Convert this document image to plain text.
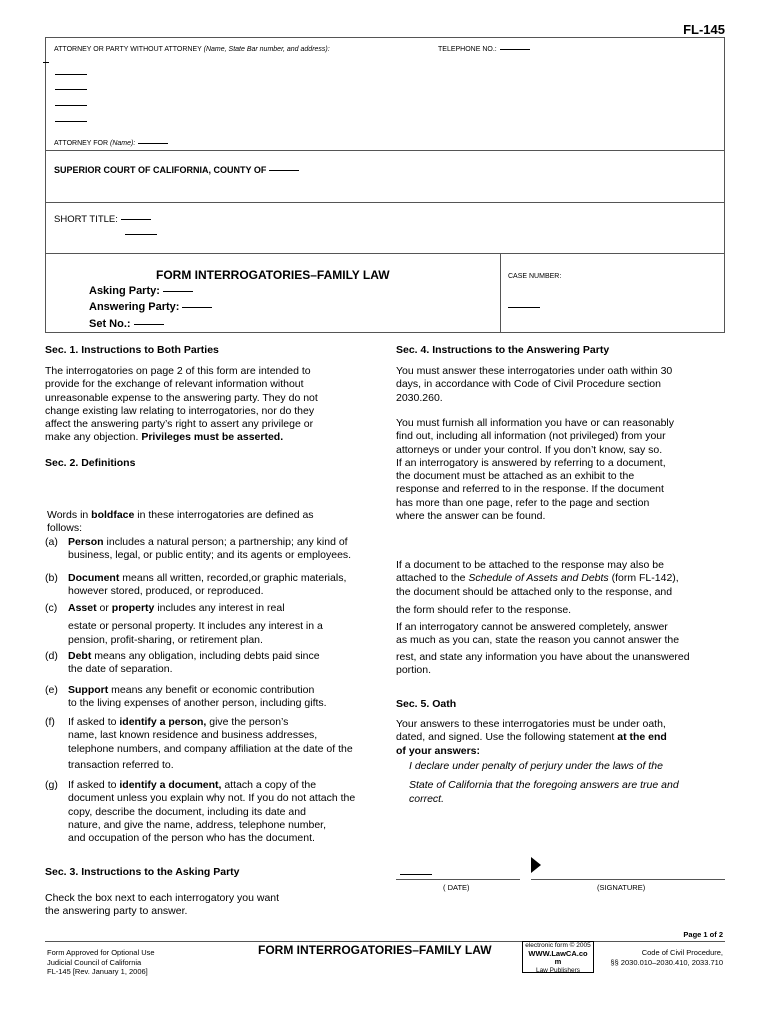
FL-145
ATTORNEY OR PARTY WITHOUT ATTORNEY (Name, State Bar number, and address):	TELEPHONE NO.:
ATTORNEY FOR (Name):
SUPERIOR COURT OF CALIFORNIA, COUNTY OF
SHORT TITLE:
FORM INTERROGATORIES–FAMILY LAW
Asking Party:
Answering Party:
Set No.:
CASE NUMBER:
Sec. 1. Instructions to Both Parties
The interrogatories on page 2 of this form are intended to
provide for the exchange of relevant information without
unreasonable expense to the answering party. They do not
change existing law relating to interrogatories, nor do they
affect the answering party’s right to assert any privilege or
make any objection. Privileges must be asserted.
Sec. 2. Definitions
Words in boldface in these interrogatories are defined as
follows:
(a) Person includes a natural person; a partnership; any kind of
business, legal, or public entity; and its agents or employees.
(b) Document means all written, recorded,or graphic materials,
however stored, produced, or reproduced.
(c) Asset or property includes any interest in real
estate or personal property. It includes any interest in a
pension, profit-sharing, or retirement plan.
(d) Debt means any obligation, including debts paid since
the date of separation.
(e) Support means any benefit or economic contribution
to the living expenses of another person, including gifts.
(f) If asked to identify a person, give the person’s
name, last known residence and business addresses,
telephone numbers, and company affiliation at the date of the
transaction referred to.
(g) If asked to identify a document, attach a copy of the
document unless you explain why not. If you do not attach the
copy, describe the document, including its date and
nature, and give the name, address, telephone number,
and occupation of the person who has the document.
Sec. 3. Instructions to the Asking Party
Check the box next to each interrogatory you want
the answering party to answer.
Sec. 4. Instructions to the Answering Party
You must answer these interrogatories under oath within 30
days, in accordance with Code of Civil Procedure section
2030.260.
You must furnish all information you have or can reasonably
find out, including all information (not privileged) from your
attorneys or under your control. If you don’t know, say so.
If an interrogatory is answered by referring to a document,
the document must be attached as an exhibit to the
response and referred to in the response. If the document
has more than one page, refer to the page and section
where the answer can be found.
If a document to be attached to the response may also be
attached to the Schedule of Assets and Debts (form FL-142),
the document should be attached only to the response, and
the form should refer to the response.
If an interrogatory cannot be answered completely, answer
as much as you can, state the reason you cannot answer the
rest, and state any information you have about the unanswered
portion.
Sec. 5. Oath
Your answers to these interrogatories must be under oath,
dated, and signed. Use the following statement at the end
of your answers:
I declare under penalty of perjury under the laws of the
State of California that the foregoing answers are true and
correct.
( DATE)	(SIGNATURE)
Page 1 of 2
Form Approved for Optional Use
Judicial Council of California
FL-145 [Rev. January 1, 2006]
FORM INTERROGATORIES–FAMILY LAW	electronic form © 2005
WWW.LawCA.co
m
Law Publishers
Code of Civil Procedure,
§§ 2030.010–2030.410, 2033.710
